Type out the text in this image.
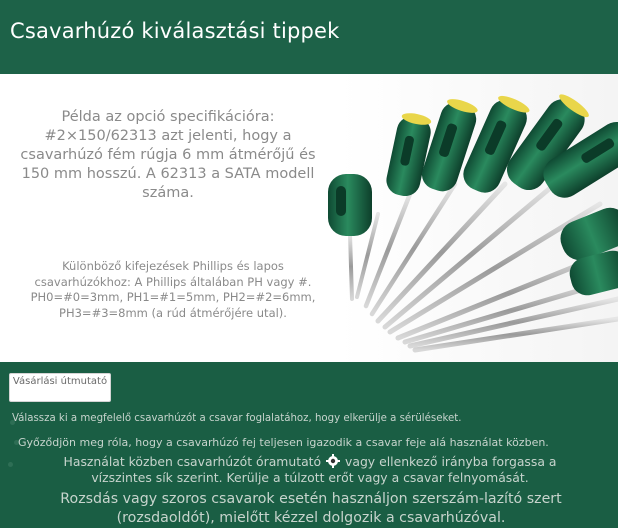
Csavarhúzó kiválasztási tippek
Példa az opció specifikációra: #2×150/62313 azt jelenti, hogy a csavarhúzó fém rúgja 6 mm átmérőjű és 150 mm hosszú. A 62313 a SATA modell száma.
Különböző kifejezések Phillips és lapos csavarhúzókhoz: A Phillips általában PH vagy #. PH0=#0=3mm, PH1=#1=5mm, PH2=#2=6mm, PH3=#3=8mm (a rúd átmérőjére utal).
Vásárlási útmutató
Válassza ki a megfelelő csavarhúzót a csavar foglalatához, hogy elkerülje a sérüléseket.
Győződjön meg róla, hogy a csavarhúzó fej teljesen igazodik a csavar feje alá használat közben.
Használat közben csavarhúzót óramutató vagy ellenkező irányba forgassa a vízszintes sík szerint. Kerülje a túlzott erőt vagy a csavar felnyomását.
Rozsdás vagy szoros csavarok esetén használjon szerszám-lazító szert (rozsdaoldót), mielőtt kézzel dolgozik a csavarhúzóval.
